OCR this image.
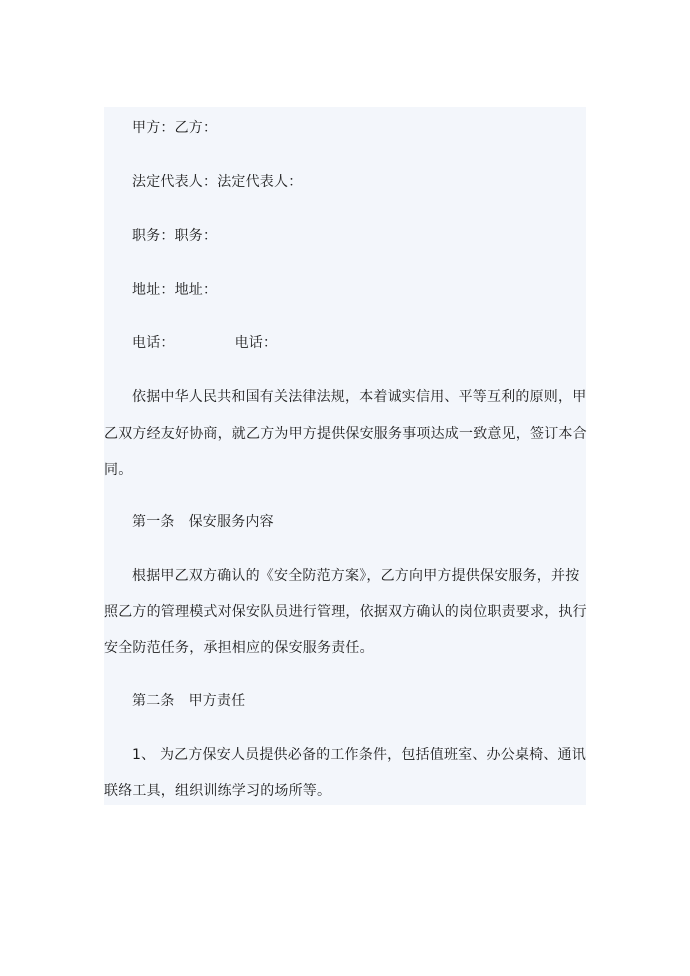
甲方：乙方：
法定代表人：法定代表人：
职务：职务：
地址：地址：
电话：	电话：
依据中华人民共和国有关法律法规，本着诚实信用、平等互利的原则，甲
乙双方经友好协商，就乙方为甲方提供保安服务事项达成一致意见，签订本合
同。
第一条 保安服务内容
根据甲乙双方确认的《安全防范方案》，乙方向甲方提供保安服务，并按
照乙方的管理模式对保安队员进行管理，依据双方确认的岗位职责要求，执行
安全防范任务，承担相应的保安服务责任。
第二条 甲方责任
1、 为乙方保安人员提供必备的工作条件，包括值班室、办公桌椅、通讯
联络工具，组织训练学习的场所等。
